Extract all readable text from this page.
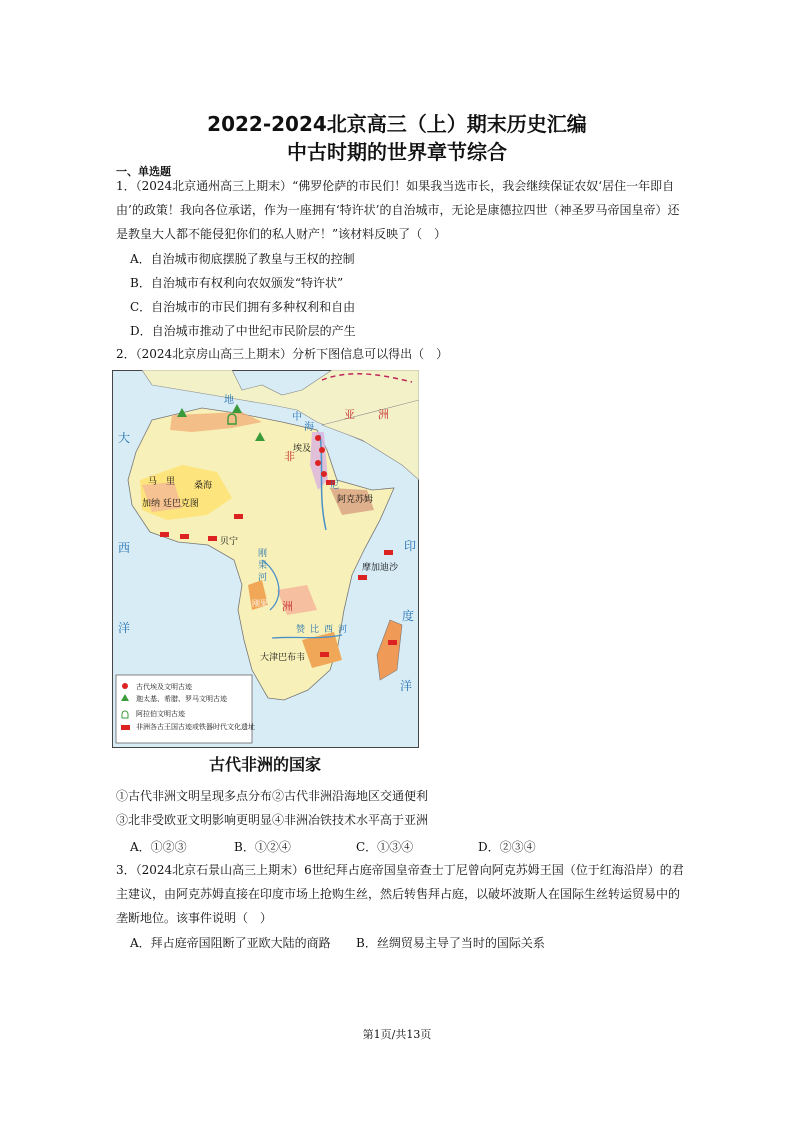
2022-2024北京高三（上）期末历史汇编
中古时期的世界章节综合
一、单选题

1．（2024北京通州高三上期末）“佛罗伦萨的市民们！如果我当选市长，我会继续保证农奴‘居住一年即自由’的政策！我向各位承诺，作为一座拥有‘特许状’的自治城市，无论是康德拉四世（神圣罗马帝国皇帝）还是教皇大人都不能侵犯你们的私人财产！”该材料反映了（　）

A．自治城市彻底摆脱了教皇与王权的控制
B．自治城市有权利向农奴颁发“特许状”
C．自治城市的市民们拥有多种权利和自由
D．自治城市推动了中世纪市民阶层的产生

2．（2024北京房山高三上期末）分析下图信息可以得出（　）

大
西
洋
印
度
洋
地
中
海
亚 洲
非
洲
尼
刚
果
河
赞 比 西 河
埃及
马　里 桑海
加纳 廷巴克图
贝宁
阿克苏姆
摩加迪沙
刚果
大津巴布韦
古代埃及文明古迹
迦太基、希腊、罗马文明古迹
阿拉伯文明古迹
非洲各古王国古迹或铁器时代文化遗址
古代非洲的国家
①古代非洲文明呈现多点分布②古代非洲沿海地区交通便利
③北非受欧亚文明影响更明显④非洲冶铁技术水平高于亚洲
A．①②③	B．①②④	C．①③④	D．②③④

3．（2024北京石景山高三上期末）6世纪拜占庭帝国皇帝查士丁尼曾向阿克苏姆王国（位于红海沿岸）的君主建议，由阿克苏姆直接在印度市场上抢购生丝，然后转售拜占庭，以破坏波斯人在国际生丝转运贸易中的垄断地位。该事件说明（　）

A．拜占庭帝国阻断了亚欧大陆的商路 B．丝绸贸易主导了当时的国际关系
第1页/共13页
